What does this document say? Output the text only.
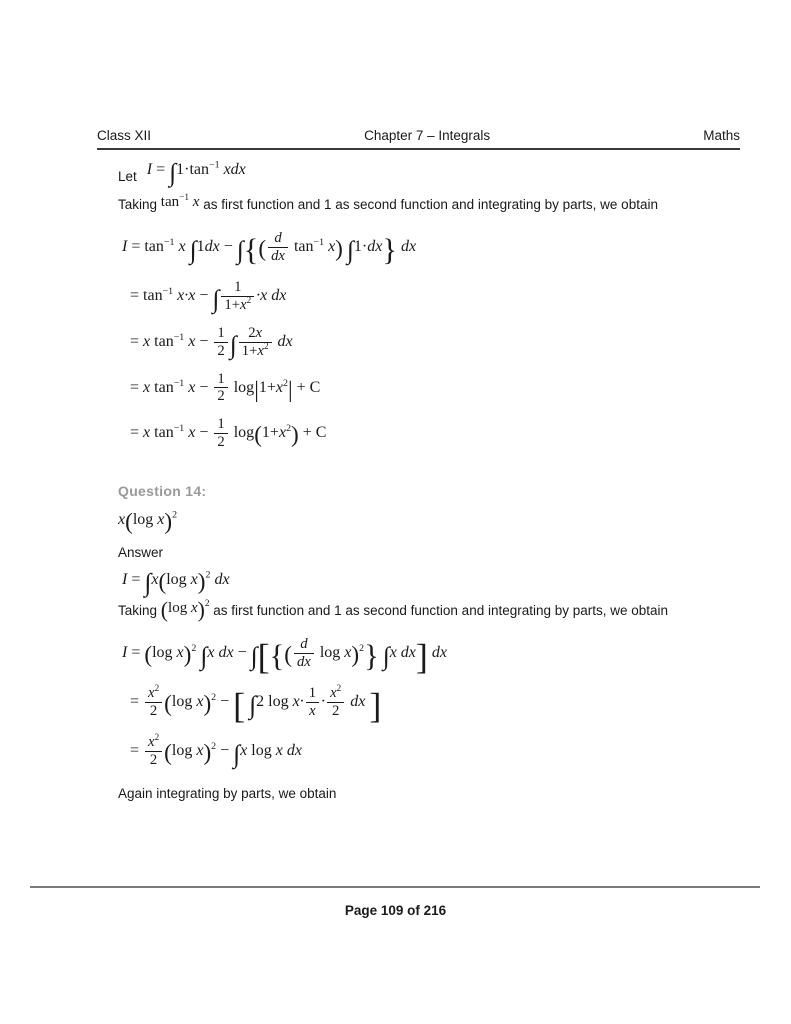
Class XII	Chapter 7 – Integrals	Maths
Let $I = \int 1\cdot\tan^{-1}$ xdx

Taking $\tan^{-1} x$ as first function and 1 as second function and integrating by parts, we obtain

$I = \tan^{-1} x$ ∫1dx − ∫{( $\frac{d}{dx} \tan^{-1} x$) ∫1·dx} dx
= $\tan^{-1} x\cdot x$ − ∫ $\frac{1}{1+x^2} \cdot x$ dx
= x $\tan^{-1} x - \frac{1}{2}$ ∫ $\frac{2x}{1+x^2}$ dx
= x $\tan^{-1} x - \frac{1}{2} \log|1+x^2| + C$
= x $\tan^{-1} x - \frac{1}{2} \log(1+x^2) + C$
Question 14:
x(log x)$^2$
Answer
I = ∫x(log x)$^2$ dx

Taking (log x)$^2$ as first function and 1 as second function and integrating by parts, we obtain

I = (log x)$^2$ ∫x dx − ∫[{( $\frac{d}{dx}$ log x)$^2$} ∫x dx] dx
= $\frac{x^2}{2} (\log$ x)$^2$ − [ ∫2 $\log x\cdot \frac{1}{x} \cdot \frac{x^2}{2}$ dx ]
= $\frac{x^2}{2} (\log$ x)$^2$ − ∫x log x dx

Again integrating by parts, we obtain

Page 109 of 216
